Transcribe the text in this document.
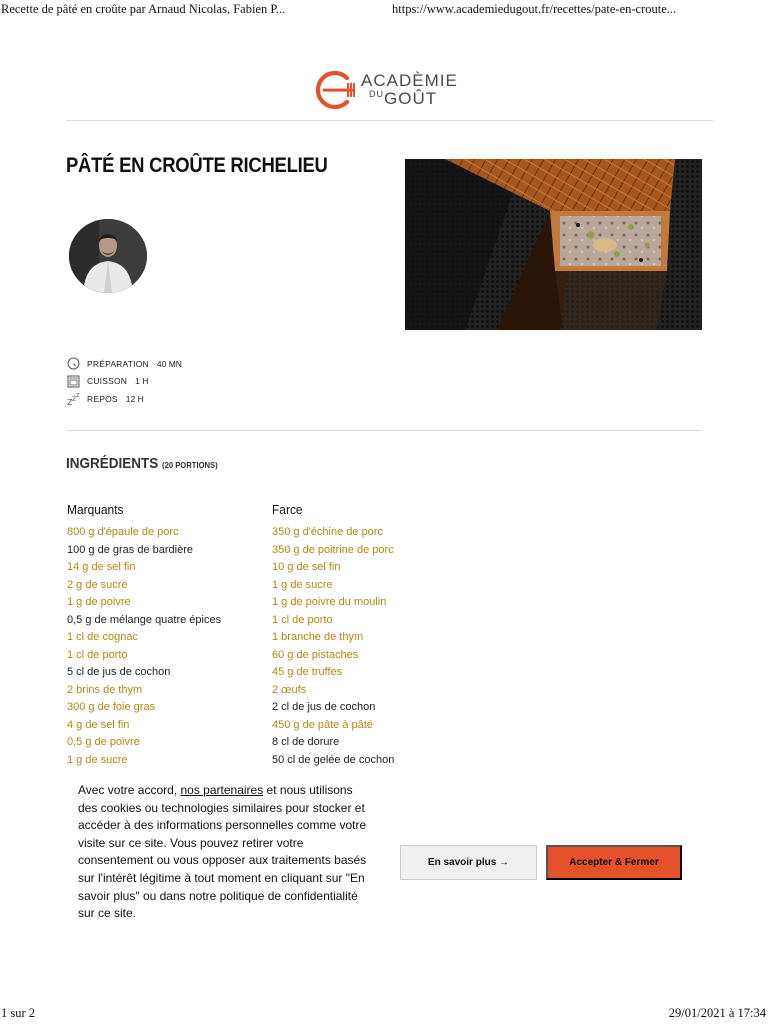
Recette de pâté en croûte par Arnaud Nicolas, Fabien P...	https://www.academiedugout.fr/recettes/pate-en-croute...
ACADÈMIE
$^{DU}$GOÛT
PÂTÉ EN CROÛTE RICHELIEU
PRÉPARATION 40 MN
CUISSON 1 H
Z Z Z REPOS 12 H
INGRÉDIENTS (20 PORTIONS)
Marquants
800 g d'épaule de porc
100 g de gras de bardière
14 g de sel fin
2 g de sucre
1 g de poivre
0,5 g de mélange quatre épices
1 cl de cognac
1 cl de porto
5 cl de jus de cochon
2 brins de thym
300 g de foie gras
4 g de sel fin
0,5 g de poivre
1 g de sucre
Farce
350 g d'échine de porc
350 g de poitrine de porc
10 g de sel fin
1 g de sucre
1 g de poivre du moulin
1 cl de porto
1 branche de thym
60 g de pistaches
45 g de truffes
2 œufs
2 cl de jus de cochon
450 g de pâte à pâté
8 cl de dorure
50 cl de gelée de cochon
Avec votre accord, nos partenaires et nous utilisons des cookies ou technologies similaires pour stocker et accéder à des informations personnelles comme votre visite sur ce site. Vous pouvez retirer votre consentement ou vous opposer aux traitements basés sur l'intérêt légitime à tout moment en cliquant sur "En savoir plus" ou dans notre politique de confidentialité sur ce site.
En savoir plus →	Accepter & Fermer
1 sur 2	29/01/2021 à 17:34
